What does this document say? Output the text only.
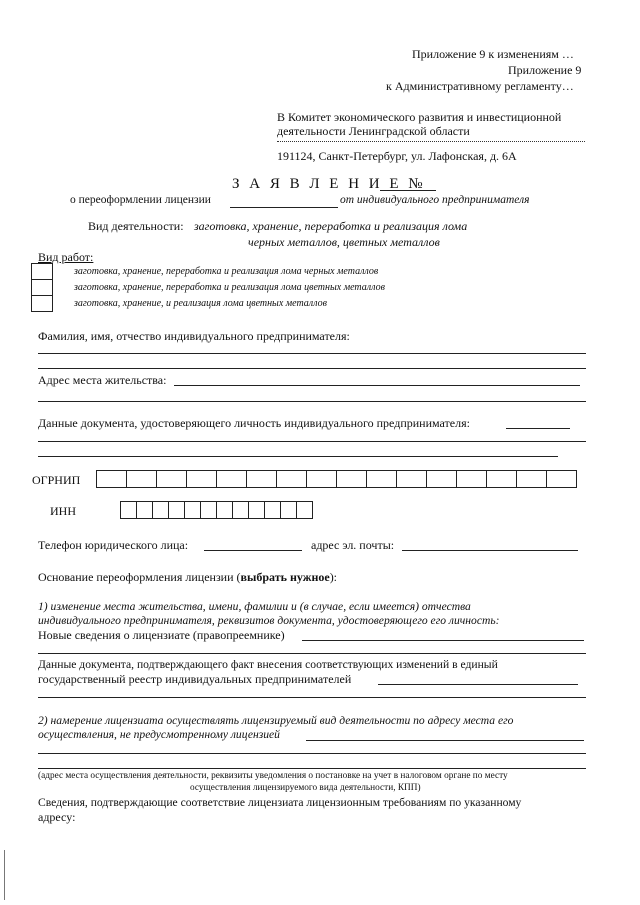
Приложение 9 к изменениям …
Приложение 9
к Административному регламенту…
В Комитет экономического развития и инвестиционной
деятельности Ленинградской области
191124, Санкт-Петербург, ул. Лафонская, д. 6А
З А Я В Л Е Н И Е №
о переоформлении лицензии	от индивидуального предпринимателя
Вид деятельности: заготовка, хранение, переработка и реализация лома
черных металлов, цветных металлов
Вид работ:
заготовка, хранение, переработка и реализация лома черных металлов
заготовка, хранение, переработка и реализация лома цветных металлов
заготовка, хранение, и реализация лома цветных металлов
Фамилия, имя, отчество индивидуального предпринимателя:
Адрес места жительства:
Данные документа, удостоверяющего личность индивидуального предпринимателя:
ОГРНИП
ИНН
Телефон юридического лица:	адрес эл. почты:
Основание переоформления лицензии (выбрать нужное):
1) изменение места жительства, имени, фамилии и (в случае, если имеется) отчества
индивидуального предпринимателя, реквизитов документа, удостоверяющего его личность:
Новые сведения о лицензиате (правопреемнике)
Данные документа, подтверждающего факт внесения соответствующих изменений в единый
государственный реестр индивидуальных предпринимателей
2) намерение лицензиата осуществлять лицензируемый вид деятельности по адресу места его
осуществления, не предусмотренному лицензией
(адрес места осуществления деятельности, реквизиты уведомления о постановке на учет в налоговом органе по месту
осуществления лицензируемого вида деятельности, КПП)
Сведения, подтверждающие соответствие лицензиата лицензионным требованиям по указанному
адресу:
